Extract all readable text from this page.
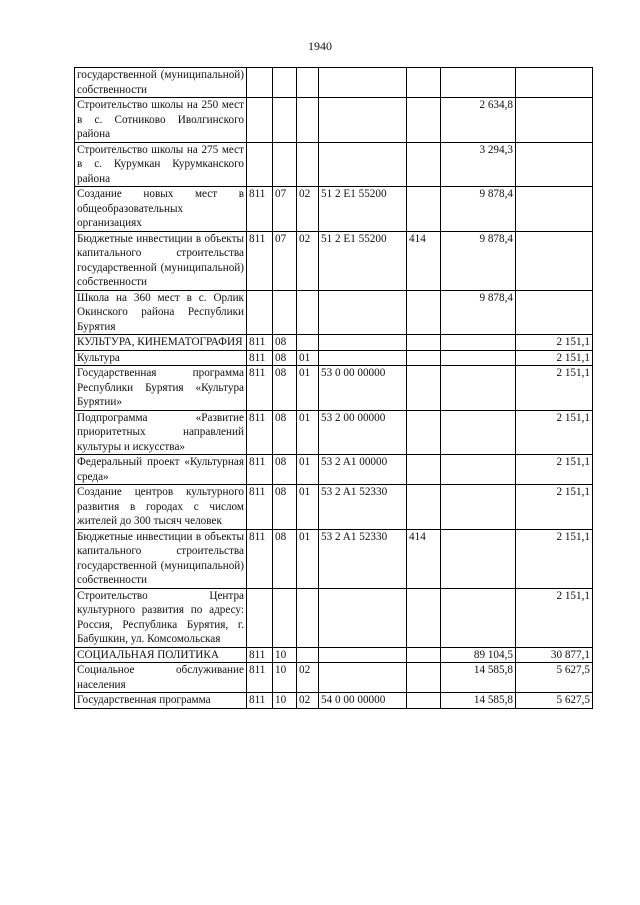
1940
государственной (муниципальной) собственности							
Строительство школы на 250 мест в с. Сотниково Иволгинского района						2 634,8	
Строительство школы на 275 мест в с. Курумкан Курумканского района						3 294,3	
Создание новых мест в общеобразовательных организациях	811	07	02	51 2 E1 55200		9 878,4	
Бюджетные инвестиции в объекты капитального строительства государственной (муниципальной) собственности	811	07	02	51 2 E1 55200	414	9 878,4	
Школа на 360 мест в с. Орлик Окинского района Республики Бурятия						9 878,4	
КУЛЬТУРА, КИНЕМАТОГРАФИЯ	811	08					2 151,1
Культура	811	08	01				2 151,1
Государственная программа Республики Бурятия «Культура Бурятии»	811	08	01	53 0 00 00000			2 151,1
Подпрограмма «Развитие приоритетных направлений культуры и искусства»	811	08	01	53 2 00 00000			2 151,1
Федеральный проект «Культурная среда»	811	08	01	53 2 A1 00000			2 151,1
Создание центров культурного развития в городах с числом жителей до 300 тысяч человек	811	08	01	53 2 A1 52330			2 151,1
Бюджетные инвестиции в объекты капитального строительства государственной (муниципальной) собственности	811	08	01	53 2 A1 52330	414		2 151,1
Строительство Центра культурного развития по адресу: Россия, Республика Бурятия, г. Бабушкин, ул. Комсомольская							2 151,1
СОЦИАЛЬНАЯ ПОЛИТИКА	811	10				89 104,5	30 877,1
Социальное обслуживание населения	811	10	02			14 585,8	5 627,5
Государственная программа	811	10	02	54 0 00 00000		14 585,8	5 627,5
